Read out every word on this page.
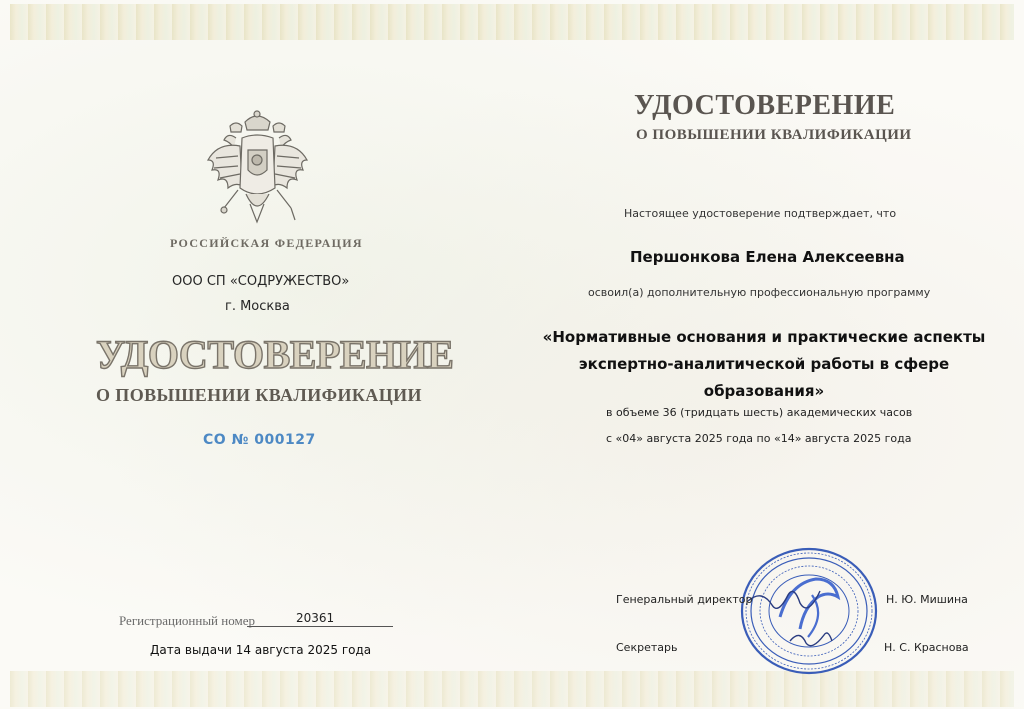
РОССИЙСКАЯ ФЕДЕРАЦИЯ
ООО СП «СОДРУЖЕСТВО»
г. Москва
УДОСТОВЕРЕНИЕ
О ПОВЫШЕНИИ КВАЛИФИКАЦИИ
СО № 000127
Регистрационный номер	20361
Дата выдачи 14 августа 2025 года
УДОСТОВЕРЕНИЕ
О ПОВЫШЕНИИ КВАЛИФИКАЦИИ
Настоящее удостоверение подтверждает, что
Першонкова Елена Алексеевна
освоил(а) дополнительную профессиональную программу
«Нормативные основания и практические аспекты экспертно-аналитической работы в сфере образования»
в объеме 36 (тридцать шесть) академических часов
с «04» августа 2025 года по «14» августа 2025 года
Генеральный директор	Н. Ю. Мишина
Секретарь	Н. С. Краснова
